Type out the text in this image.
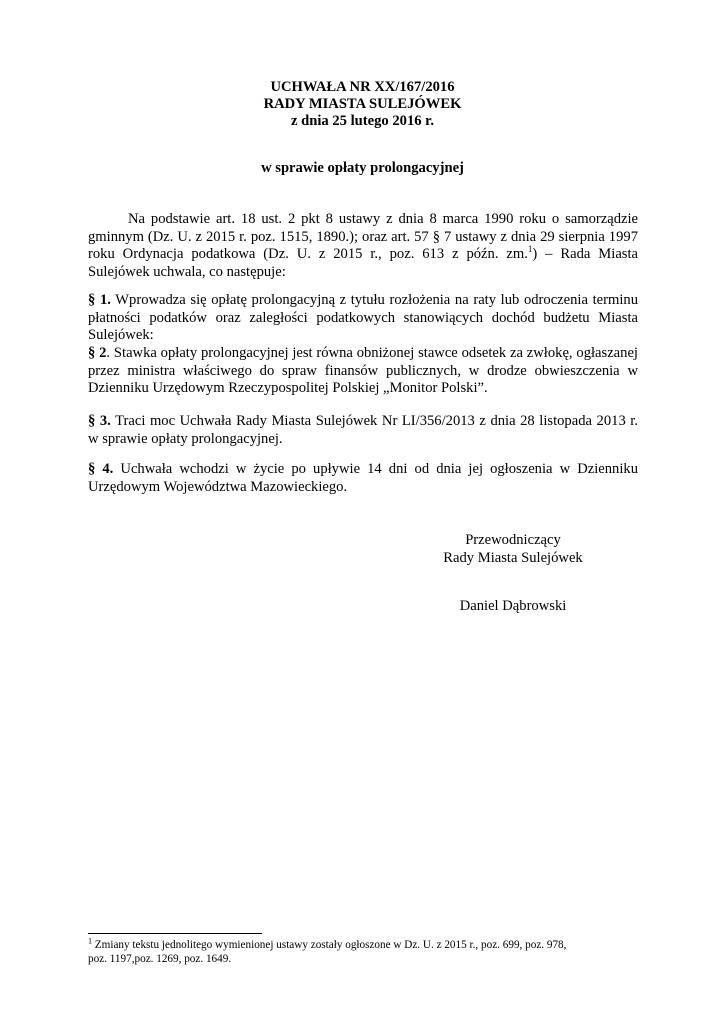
UCHWAŁA NR XX/167/2016
RADY MIASTA SULEJÓWEK
z dnia 25 lutego 2016 r.
w sprawie opłaty prolongacyjnej
Na podstawie art. 18 ust. 2 pkt 8 ustawy z dnia 8 marca 1990 roku o samorządzie gminnym (Dz. U. z 2015 r. poz. 1515, 1890.); oraz art. 57 § 7 ustawy z dnia 29 sierpnia 1997 roku Ordynacja podatkowa (Dz. U. z 2015 r., poz. 613 z późn. zm.$^1$) – Rada Miasta Sulejówek uchwala, co następuje:
§ 1. Wprowadza się opłatę prolongacyjną z tytułu rozłożenia na raty lub odroczenia terminu płatności podatków oraz zaległości podatkowych stanowiących dochód budżetu Miasta Sulejówek:
§ 2. Stawka opłaty prolongacyjnej jest równa obniżonej stawce odsetek za zwłokę, ogłaszanej przez ministra właściwego do spraw finansów publicznych, w drodze obwieszczenia w Dzienniku Urzędowym Rzeczypospolitej Polskiej „Monitor Polski”.
§ 3. Traci moc Uchwała Rady Miasta Sulejówek Nr LI/356/2013 z dnia 28 listopada 2013 r. w sprawie opłaty prolongacyjnej.
§ 4. Uchwała wchodzi w życie po upływie 14 dni od dnia jej ogłoszenia w Dzienniku Urzędowym Województwa Mazowieckiego.
Przewodniczący
Rady Miasta Sulejówek
Daniel Dąbrowski
$^1$ Zmiany tekstu jednolitego wymienionej ustawy zostały ogłoszone w Dz. U. z 2015 r., poz. 699, poz. 978,
poz. 1197,poz. 1269, poz. 1649.
